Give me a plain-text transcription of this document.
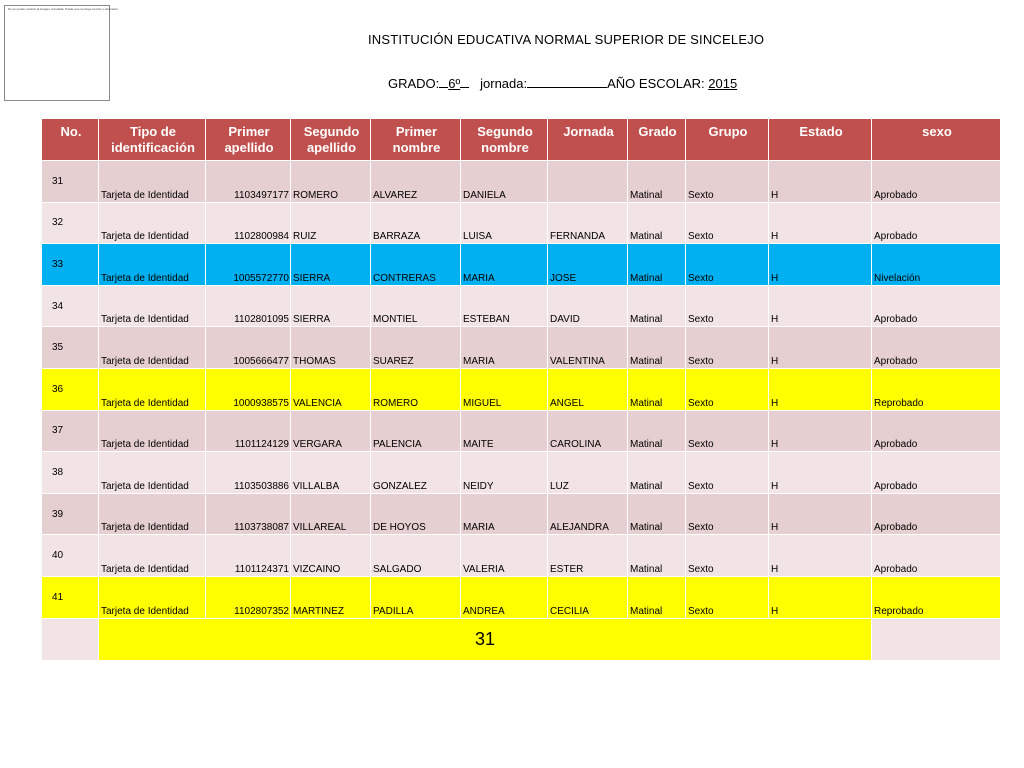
No se puede mostrar la imagen vinculada. Puede que se haya movido o eliminado.
INSTITUCIÓN EDUCATIVA NORMAL SUPERIOR DE SINCELEJO
GRADO: 6º jornada:	AÑO ESCOLAR: 2015
No.	Tipo de identificación	Primer apellido	Segundo apellido	Primer nombre	Segundo nombre	Jornada	Grado	Grupo	Estado	sexo
31	Tarjeta de Identidad	1103497177	ROMERO	ALVAREZ	DANIELA		Matinal	Sexto	H	Aprobado
32	Tarjeta de Identidad	1102800984	RUIZ	BARRAZA	LUISA	FERNANDA	Matinal	Sexto	H	Aprobado
33	Tarjeta de Identidad	1005572770	SIERRA	CONTRERAS	MARIA	JOSE	Matinal	Sexto	H	Nivelación
34	Tarjeta de Identidad	1102801095	SIERRA	MONTIEL	ESTEBAN	DAVID	Matinal	Sexto	H	Aprobado
35	Tarjeta de Identidad	1005666477	THOMAS	SUAREZ	MARIA	VALENTINA	Matinal	Sexto	H	Aprobado
36	Tarjeta de Identidad	1000938575	VALENCIA	ROMERO	MIGUEL	ANGEL	Matinal	Sexto	H	Reprobado
37	Tarjeta de Identidad	1101124129	VERGARA	PALENCIA	MAITE	CAROLINA	Matinal	Sexto	H	Aprobado
38	Tarjeta de Identidad	1103503886	VILLALBA	GONZALEZ	NEIDY	LUZ	Matinal	Sexto	H	Aprobado
39	Tarjeta de Identidad	1103738087	VILLAREAL	DE HOYOS	MARIA	ALEJANDRA	Matinal	Sexto	H	Aprobado
40	Tarjeta de Identidad	1101124371	VIZCAINO	SALGADO	VALERIA	ESTER	Matinal	Sexto	H	Aprobado
41	Tarjeta de Identidad	1102807352	MARTINEZ	PADILLA	ANDREA	CECILIA	Matinal	Sexto	H	Reprobado
	31									
